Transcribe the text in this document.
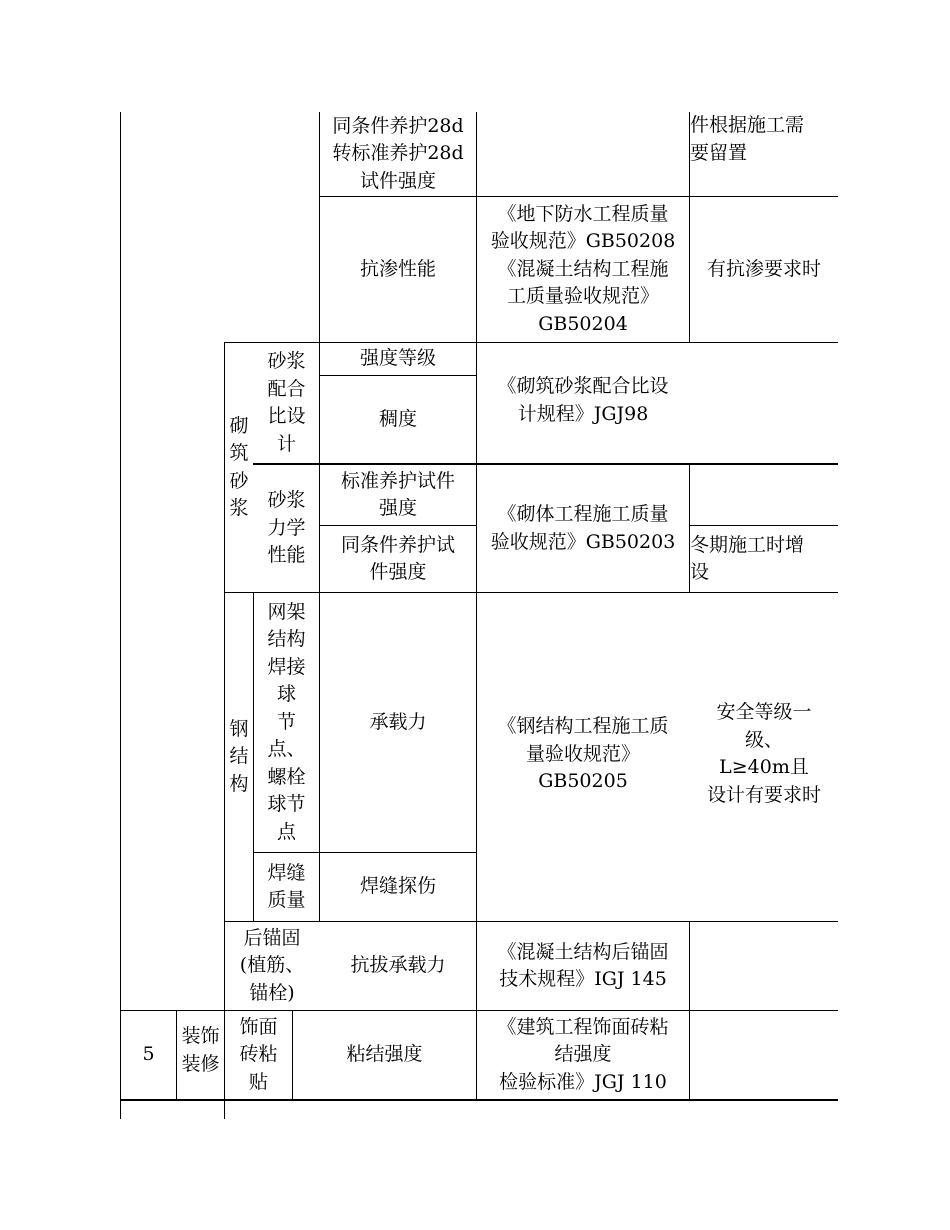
同条件养护28d
转标准养护28d
试件强度
件根据施工需
要留置
抗渗性能
《地下防水工程质量
验收规范》GB50208
《混凝土结构工程施
工质量验收规范》
GB50204
有抗渗要求时
砌
筑
砂
浆
砂浆
配合
比设
计
强度等级
稠度
《砌筑砂浆配合比设
计规程》JGJ98
砂浆
力学
性能
标准养护试件
强度
同条件养护试
件强度
《砌体工程施工质量
验收规范》GB50203 冬期施工时增
设
钢
结
构
网架
结构
焊接
球
节
点、
螺栓
球节
点
承载力
焊缝
质量
焊缝探伤
《钢结构工程施工质
量验收规范》
GB50205
安全等级一
级、
L≥40m且
设计有要求时
后锚固
(植筋、
锚栓)
抗拔承载力
《混凝土结构后锚固
技术规程》IGJ 145
5
装饰
装修
饰面
砖粘
贴
粘结强度
《建筑工程饰面砖粘
结强度
检验标准》JGJ 110
